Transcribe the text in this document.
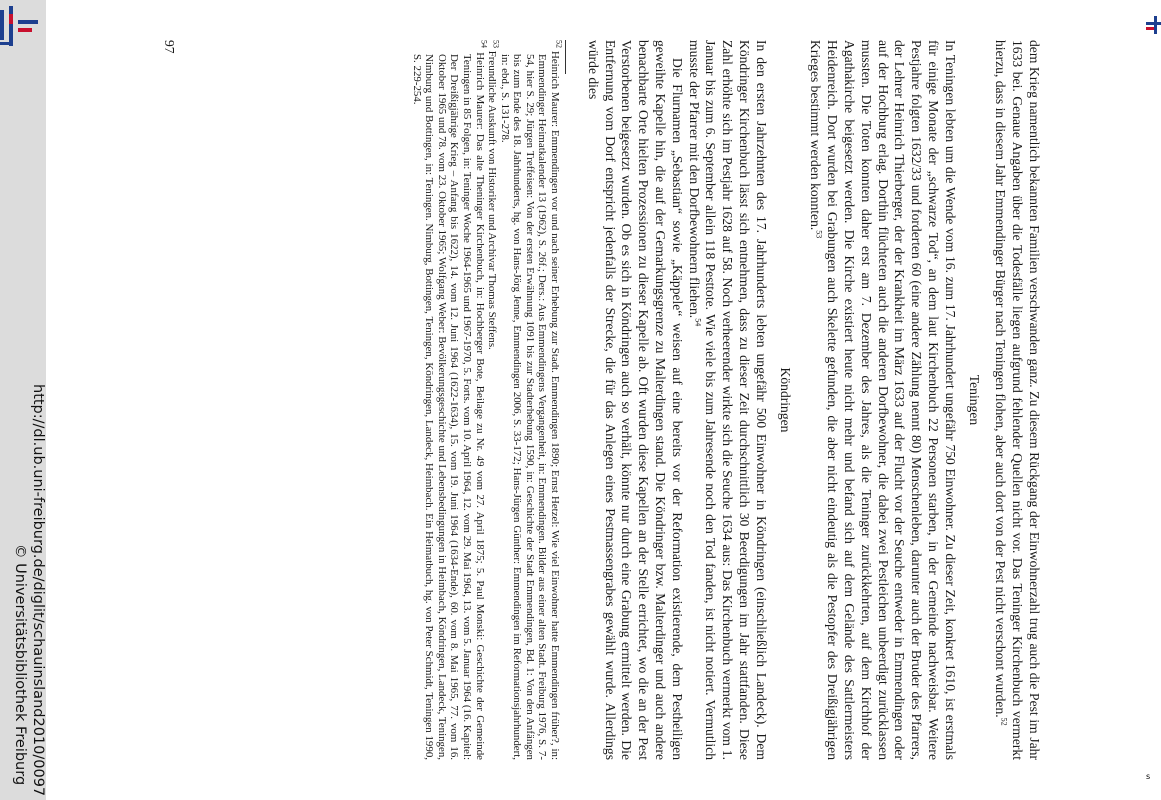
s
http://dl.ub.uni-freiburg.de/diglit/schauinsland2010/0097
© Universitätsbibliothek Freiburg	dem Krieg namentlich bekannten Familien verschwanden ganz. Zu diesem Rückgang der Einwohnerzahl trug auch die Pest im Jahr 1633 bei. Genaue Angaben über die Todesfälle liegen aufgrund fehlender Quellen nicht vor. Das Teninger Kirchenbuch vermerkt hierzu, dass in diesem Jahr Emmendinger Bürger nach Teningen flohen, aber auch dort von der Pest nicht verschont wurden.$^{52}$

Teningen

In Teningen lebten um die Wende vom 16. zum 17. Jahrhundert ungefähr 750 Einwohner. Zu dieser Zeit, konkret 1610, ist erstmals für einige Monate der „schwarze Tod“, an dem laut Kirchenbuch 22 Personen starben, in der Gemeinde nachweisbar. Weitere Pestjahre folgten 1632/33 und forderten 60 (eine andere Zählung nennt 80) Menschenleben, darunter auch der Bruder des Pfarrers, der Lehrer Heinrich Thierberger, der der Krankheit im März 1633 auf der Flucht vor der Seuche entweder in Emmendingen oder auf der Hochburg erlag. Dorthin flüchteten auch die anderen Dorfbewohner, die dabei zwei Pestleichen unbeerdigt zurücklassen mussten. Die Toten konnten daher erst am 7. Dezember des Jahres, als die Teninger zurückkehrten, auf dem Kirchhof der Agathakirche beigesetzt werden. Die Kirche existiert heute nicht mehr und befand sich auf dem Gelände des Sattlermeisters Heidenreich. Dort wurden bei Grabungen auch Skelette gefunden, die aber nicht eindeutig als die Pestopfer des Dreißigjährigen Krieges bestimmt werden konnten.$^{53}$

Köndringen

In den ersten Jahrzehnten des 17. Jahrhunderts lebten ungefähr 500 Einwohner in Köndringen (einschließlich Landeck). Dem Köndringer Kirchenbuch lässt sich entnehmen, dass zu dieser Zeit durchschnittlich 30 Beerdigungen im Jahr stattfanden. Diese Zahl erhöhte sich im Pestjahr 1628 auf 58. Noch verheerender wirkte sich die Seuche 1634 aus: Das Kirchenbuch vermerkt vom 1. Januar bis zum 6. September allein 118 Pesttote. Wie viele bis zum Jahresende noch den Tod fanden, ist nicht notiert. Vermutlich musste der Pfarrer mit den Dorfbewohnern fliehen.$^{54}$

Die Flurnamen „Sebastian“ sowie „Käppele“ weisen auf eine bereits vor der Reformation existierende, dem Pestheiligen geweihte Kapelle hin, die auf der Gemarkungsgrenze zu Malterdingen stand. Die Köndringer bzw. Malterdinger und auch andere benachbarte Orte hielten Prozessionen zu dieser Kapelle ab. Oft wurden diese Kapellen an der Stelle errichtet, wo die an der Pest Verstorbenen beigesetzt wurden. Ob es sich in Köndringen auch so verhält, könnte nur durch eine Grabung ermittelt werden. Die Entfernung vom Dorf entspricht jedenfalls der Strecke, die für das Anlegen eines Pestmassengrabes gewählt wurde. Allerdings würde dies

$^{52}$ Heinrich Maurer: Emmendingen vor und nach seiner Erhebung zur Stadt. Emmendingen 1890; Ernst Hetzel: Wie viel Einwohner hatte Emmendingen früher?, in: Emmendinger Heimatkalender 13 (1962), S. 26f.; Ders.: Aus Emmendingens Vergangenheit, in: Emmendingen. Bilder aus einer alten Stadt. Freiburg 1976, S. 7-54, hier S. 29; Jürgen Treffeisen: Von der ersten Erwähnung 1091 bis zur Stadterhebung 1590, in: Geschichte der Stadt Emmendingen, Bd. 1: Von den Anfängen bis zum Ende des 18. Jahrhunderts, hg. von Hans-Jörg Jenne, Emmendingen 2006, S. 33-172; Hans-Jürgen Günther: Emmendingen im Reformationsjahrhundert, in: ebd., S. 131-278.

$^{53}$ Freundliche Auskunft von Historiker und Archivar Thomas Steffens.

$^{54}$ Heinrich Maurer: Das alte Theninger Kirchenbuch, in: Hochberger Bote, Beilage zu Nr. 49 vom 27. April 1875; 5. Paul Monski: Geschichte der Gemeinde Teningen in 85 Folgen, in: Teninger Woche 1964-1965 und 1967-1970, 5. Forts. vom 10. April 1964, 12. vom 29. Mai 1964, 13. vom 5. Januar 1964 (16. Kapitel: Der Dreißigjährige Krieg – Anfang bis 1622), 14. vom 12. Juni 1964 (1622-1634), 15. vom 19. Juni 1964 (1634-Ende), 60. vom 8. Mai 1965, 77. vom 16. Oktober 1965 und 78. vom 23. Oktober 1965; Wolfgang Weber: Bevölkerungsgeschichte und Lebensbedingungen in Heimbach, Köndringen, Landeck, Teningen, Nimburg und Bottingen, in: Teningen. Nimburg, Bottingen, Teningen, Köndringen, Landeck, Heimbach. Ein Heimatbuch, hg. von Peter Schmidt, Teningen 1990, S. 229-254.

97
